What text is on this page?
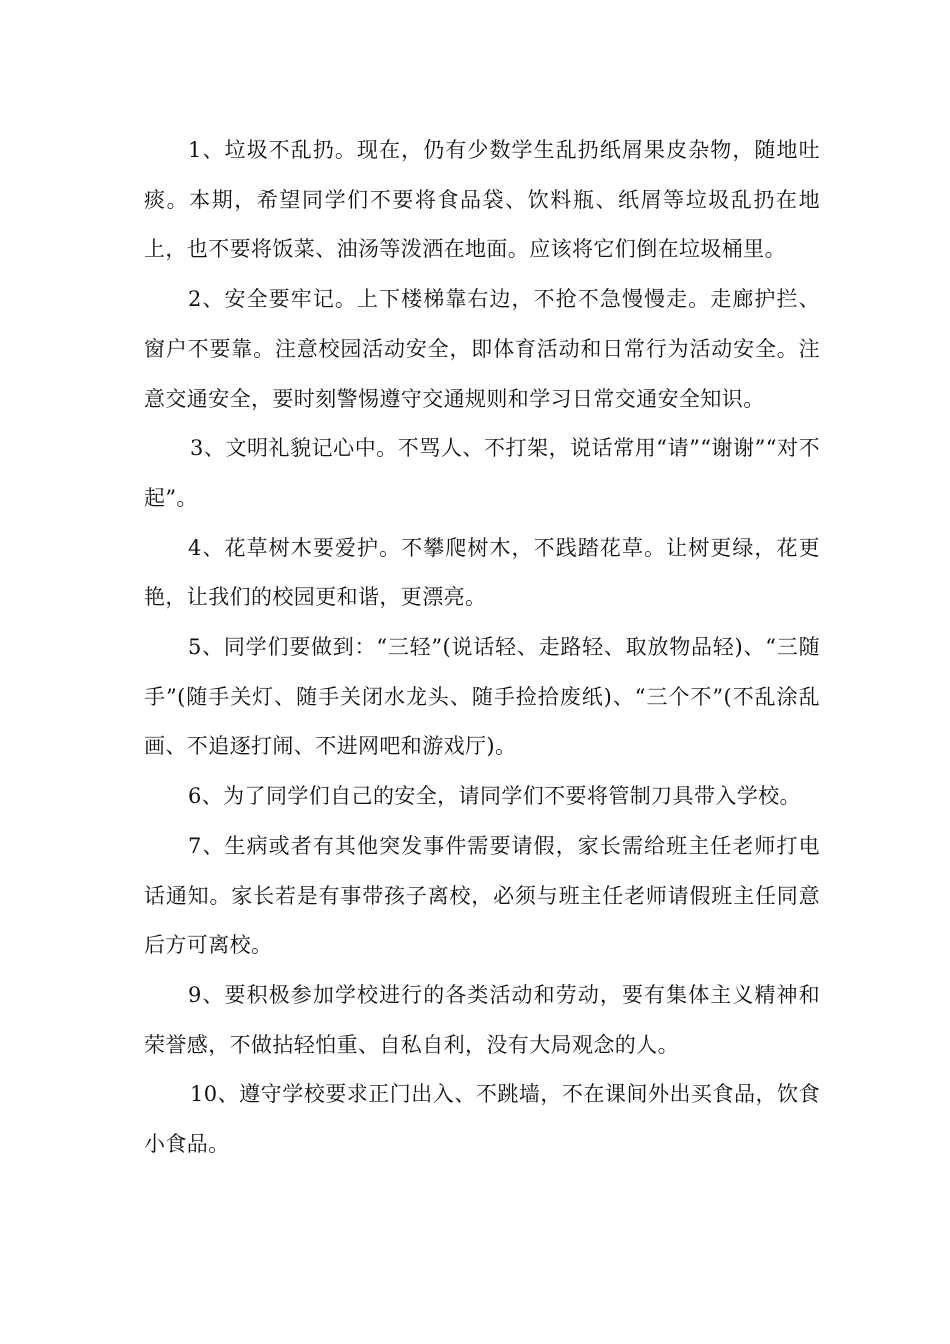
1、垃圾不乱扔。现在，仍有少数学生乱扔纸屑果皮杂物，随地吐痰。本期，希望同学们不要将食品袋、饮料瓶、纸屑等垃圾乱扔在地上，也不要将饭菜、油汤等泼洒在地面。应该将它们倒在垃圾桶里。

2、安全要牢记。上下楼梯靠右边，不抢不急慢慢走。走廊护拦、窗户不要靠。注意校园活动安全，即体育活动和日常行为活动安全。注意交通安全，要时刻警惕遵守交通规则和学习日常交通安全知识。

3、文明礼貌记心中。不骂人、不打架，说话常用“请”“谢谢”“对不起”。

4、花草树木要爱护。不攀爬树木，不践踏花草。让树更绿，花更艳，让我们的校园更和谐，更漂亮。

5、同学们要做到：“三轻”(说话轻、走路轻、取放物品轻)、“三随手”(随手关灯、随手关闭水龙头、随手捡拾废纸)、“三个不”(不乱涂乱画、不追逐打闹、不进网吧和游戏厅)。

6、为了同学们自己的安全，请同学们不要将管制刀具带入学校。

7、生病或者有其他突发事件需要请假，家长需给班主任老师打电话通知。家长若是有事带孩子离校，必须与班主任老师请假班主任同意后方可离校。

9、要积极参加学校进行的各类活动和劳动，要有集体主义精神和荣誉感，不做拈轻怕重、自私自利，没有大局观念的人。

10、遵守学校要求正门出入、不跳墙，不在课间外出买食品，饮食小食品。
